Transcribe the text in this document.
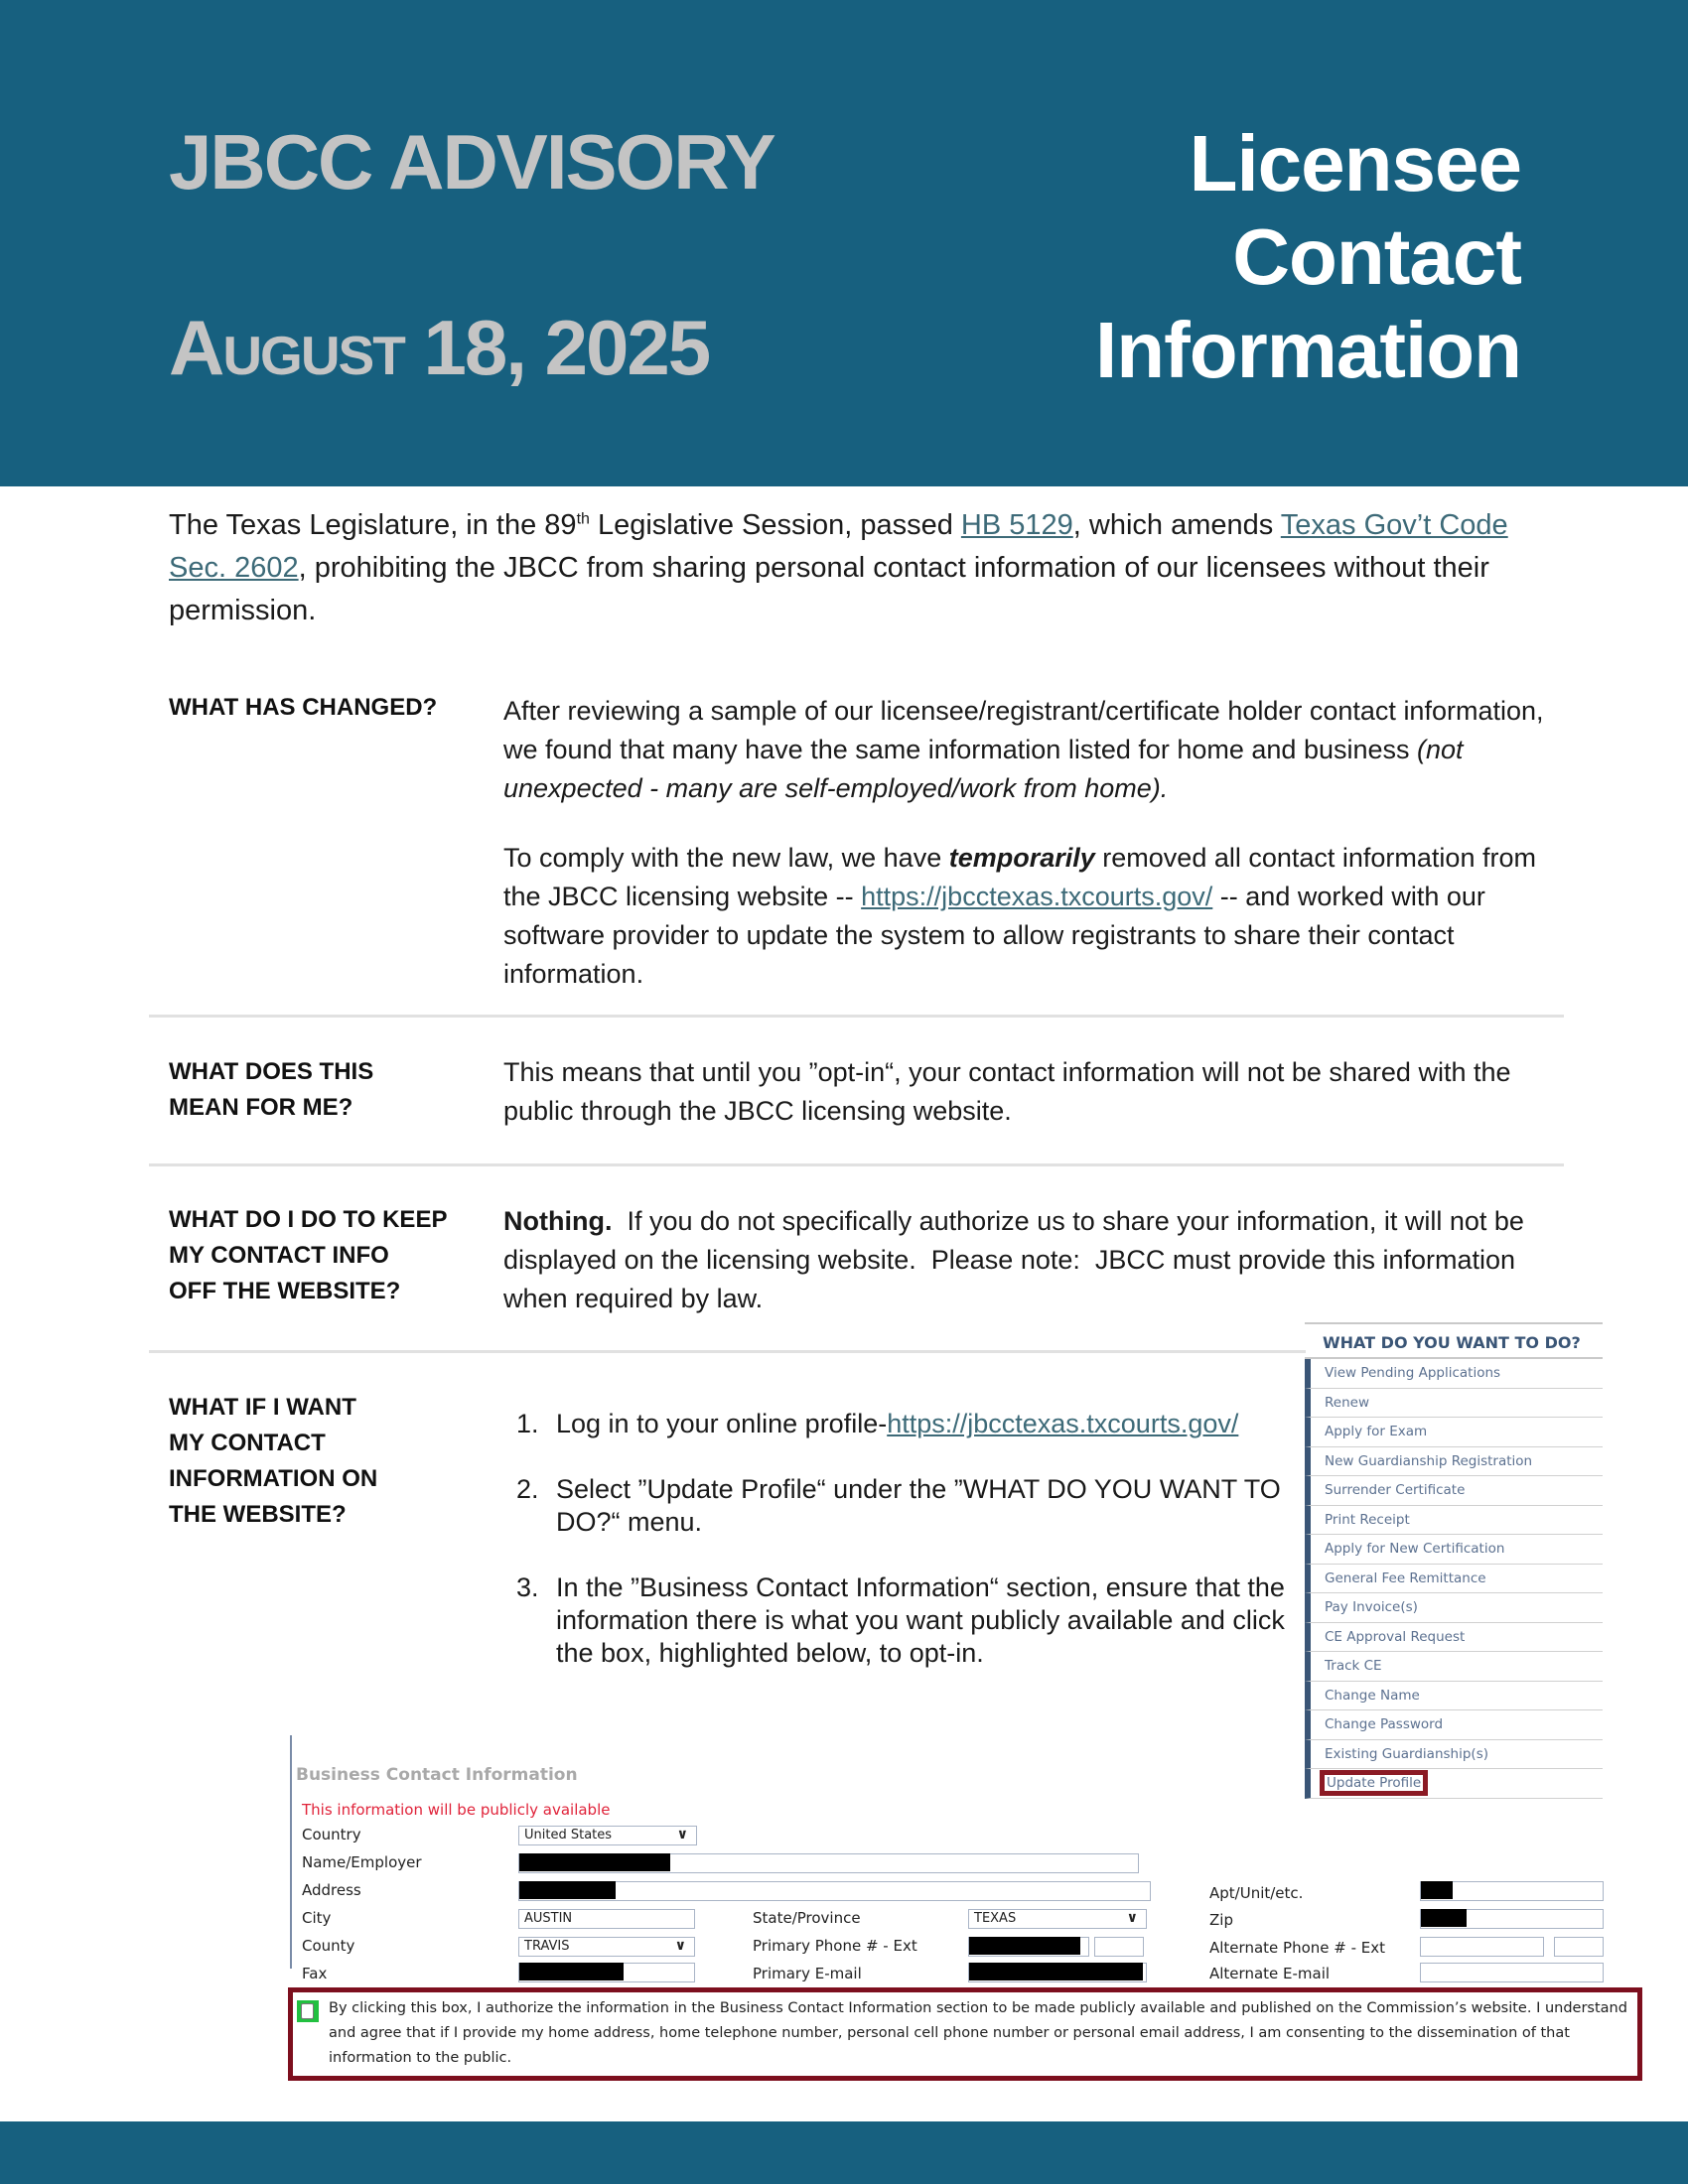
JBCC ADVISORY
August 18, 2025
Licensee
Contact
Information
The Texas Legislature, in the 89th Legislative Session, passed HB 5129, which amends Texas Gov’t Code Sec. 2602, prohibiting the JBCC from sharing personal contact information of our licensees without their permission.
WHAT HAS CHANGED? After reviewing a sample of our licensee/registrant/certificate holder contact information, we found that many have the same information listed for home and business (not unexpected - many are self-employed/work from home).
To comply with the new law, we have temporarily removed all contact information from the JBCC licensing website -- https://jbcctexas.txcourts.gov/ -- and worked with our software provider to update the system to allow registrants to share their contact information.
WHAT DOES THIS
MEAN FOR ME?
This means that until you ”opt-in“, your contact information will not be shared with the public through the JBCC licensing website.
WHAT DO I DO TO KEEP
MY CONTACT INFO
OFF THE WEBSITE?
Nothing.  If you do not specifically authorize us to share your information, it will not be displayed on the licensing website.  Please note:  JBCC must provide this information when required by law.
WHAT IF I WANT
MY CONTACT
INFORMATION ON
THE WEBSITE?
1. Log in to your online profile-https://jbcctexas.txcourts.gov/
2. Select ”Update Profile“ under the ”WHAT DO YOU WANT TO DO?“ menu.
3. In the ”Business Contact Information“ section, ensure that the information there is what you want publicly available and click the box, highlighted below, to opt-in.
WHAT DO YOU WANT TO DO?
View Pending Applications
Renew
Apply for Exam
New Guardianship Registration
Surrender Certificate
Print Receipt
Apply for New Certification
General Fee Remittance
Pay Invoice(s)
CE Approval Request
Track CE
Change Name
Change Password
Existing Guardianship(s)
Update Profile
Business Contact Information
This information will be publicly available
Country	United States	∨
Name/Employer
Address	Apt/Unit/etc.
City	AUSTIN	State/Province	TEXAS	∨	Zip
County	TRAVIS	∨	Primary Phone # - Ext	Alternate Phone # - Ext
Fax	Primary E-mail	Alternate E-mail
By clicking this box, I authorize the information in the Business Contact Information section to be made publicly available and published on the Commission’s website. I understand and agree that if I provide my home address, home telephone number, personal cell phone number or personal email address, I am consenting to the dissemination of that information to the public.
